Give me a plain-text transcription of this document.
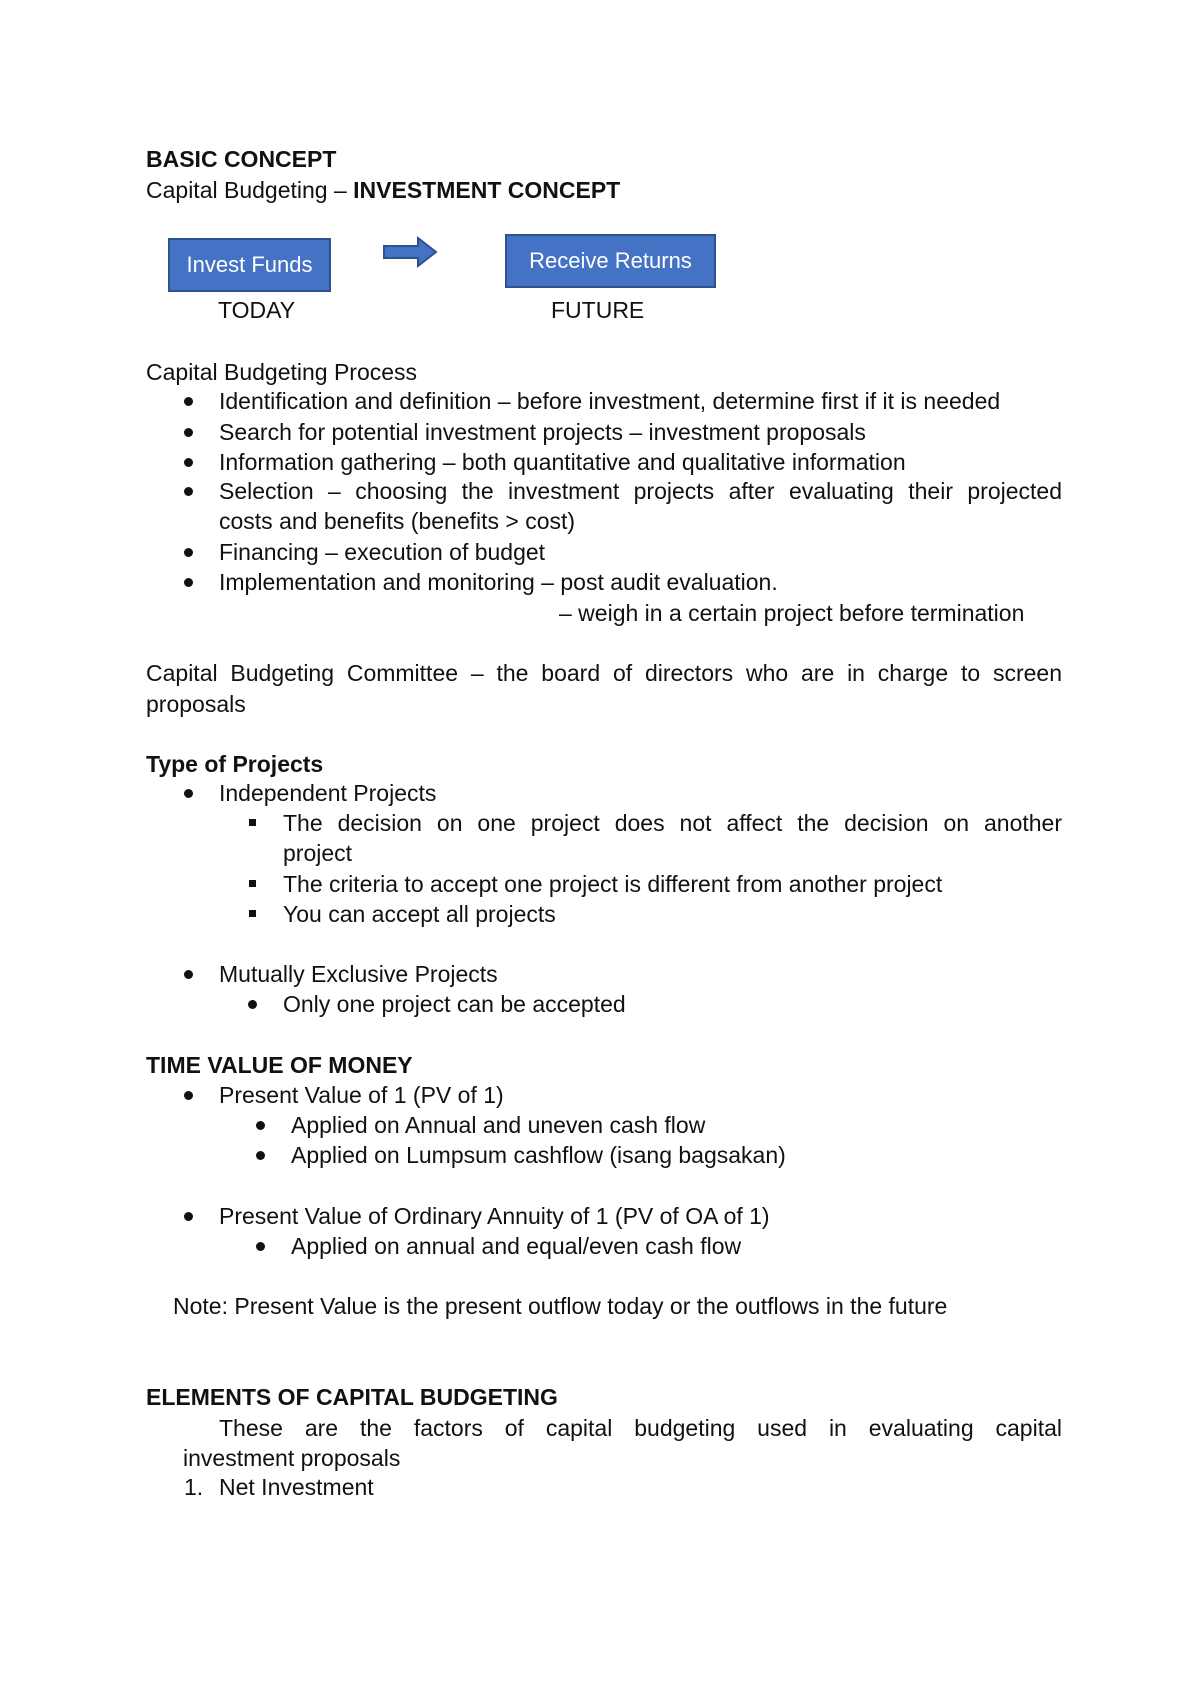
BASIC CONCEPT
Capital Budgeting – INVESTMENT CONCEPT
Invest Funds	Receive Returns
TODAY	FUTURE
Capital Budgeting Process
Identification and definition – before investment, determine first if it is needed
Search for potential investment projects – investment proposals
Information gathering – both quantitative and qualitative information
Selection – choosing the investment projects after evaluating their projected
costs and benefits (benefits > cost)
Financing – execution of budget
Implementation and monitoring – post audit evaluation.
– weigh in a certain project before termination
Capital Budgeting Committee – the board of directors who are in charge to screen
proposals
Type of Projects
Independent Projects
The decision on one project does not affect the decision on another
project
The criteria to accept one project is different from another project
You can accept all projects
Mutually Exclusive Projects
Only one project can be accepted
TIME VALUE OF MONEY
Present Value of 1 (PV of 1)
Applied on Annual and uneven cash flow
Applied on Lumpsum cashflow (isang bagsakan)
Present Value of Ordinary Annuity of 1 (PV of OA of 1)
Applied on annual and equal/even cash flow
Note: Present Value is the present outflow today or the outflows in the future
ELEMENTS OF CAPITAL BUDGETING
These are the factors of capital budgeting used in evaluating capital
investment proposals
1. Net Investment
